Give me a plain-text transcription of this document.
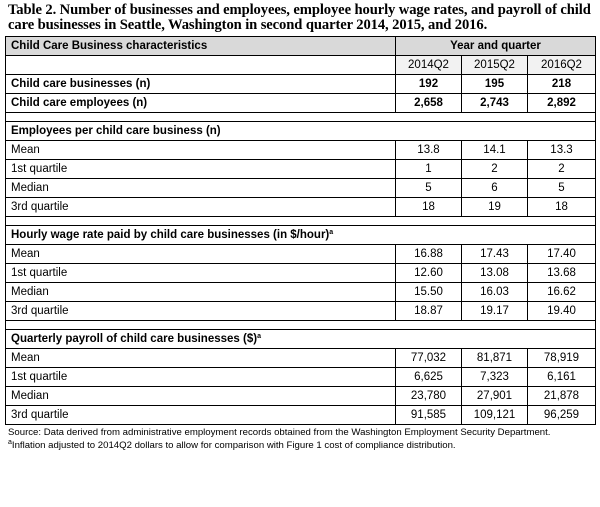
Table 2. Number of businesses and employees, employee hourly wage rates, and payroll of child care businesses in Seattle, Washington in second quarter 2014, 2015, and 2016.
Child Care Business characteristics	Year and quarter		
	2014Q2	2015Q2	2016Q2
Child care businesses (n)	192	195	218
Child care employees (n)	2,658	2,743	2,892

Employees per child care business (n)			
Mean	13.8	14.1	13.3
1st quartile	1	2	2
Median	5	6	5
3rd quartile	18	19	18

Hourly wage rate paid by child care businesses (in $/hour)$^a$
Mean	16.88	17.43	17.40
1st quartile	12.60	13.08	13.68
Median	15.50	16.03	16.62
3rd quartile	18.87	19.17	19.40

Quarterly payroll of child care businesses ($)$^a$
Mean	77,032	81,871	78,919
1st quartile	6,625	7,323	6,161
Median	23,780	27,901	21,878
3rd quartile	91,585	109,121	96,259
Source: Data derived from administrative employment records obtained from the Washington Employment Security Department.
$^a$Inflation adjusted to 2014Q2 dollars to allow for comparison with Figure 1 cost of compliance distribution.
